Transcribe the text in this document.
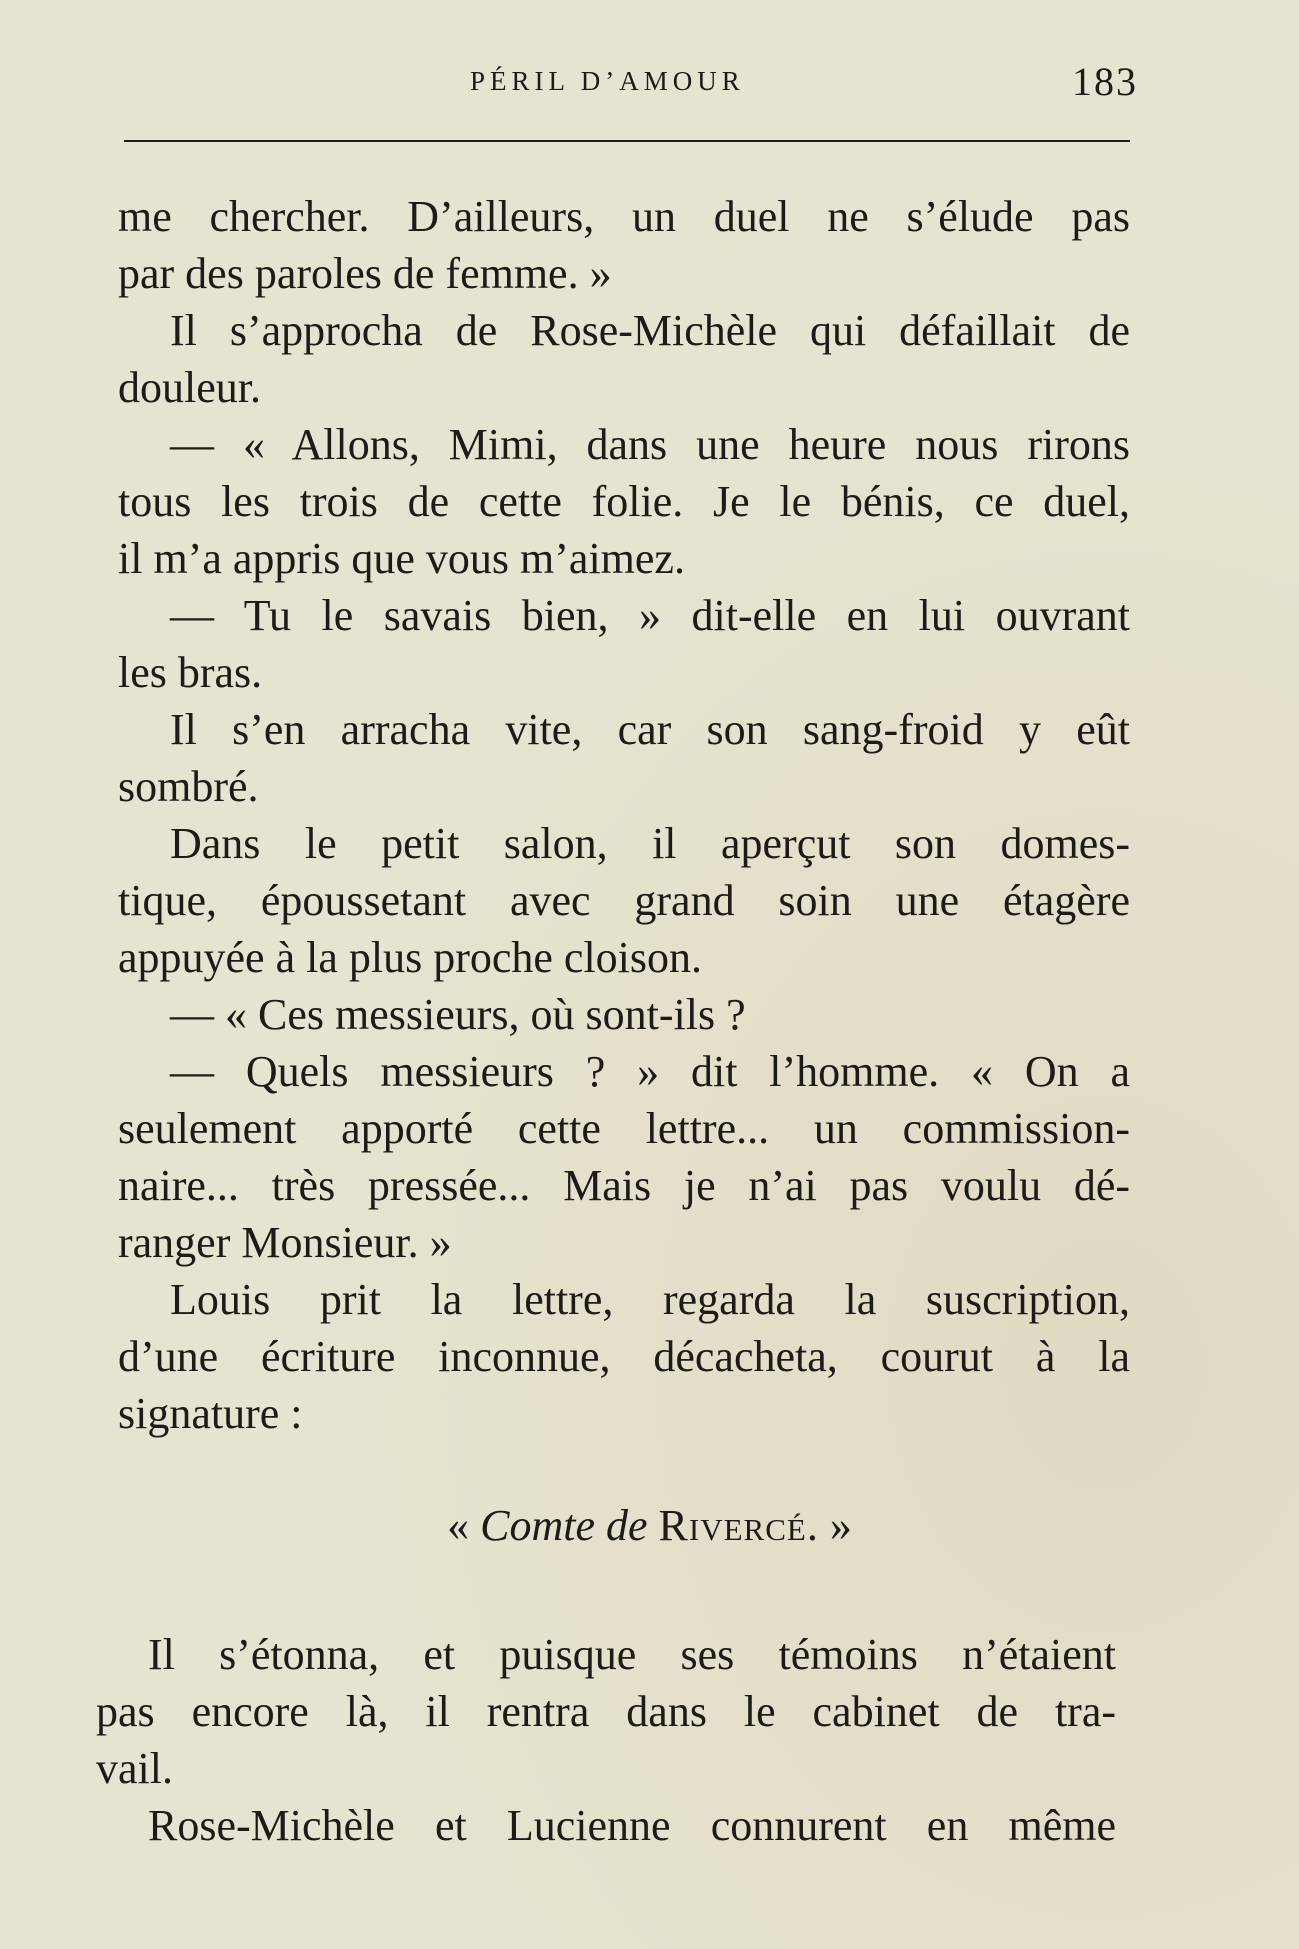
PÉRIL D’AMOUR	183
me chercher. D’ailleurs, un duel ne s’élude pas
par des paroles de femme. »
Il s’approcha de Rose-Michèle qui défaillait de
douleur.
— « Allons, Mimi, dans une heure nous rirons
tous les trois de cette folie. Je le bénis, ce duel,
il m’a appris que vous m’aimez.
— Tu le savais bien, » dit-elle en lui ouvrant
les bras.
Il s’en arracha vite, car son sang-froid y eût
sombré.
Dans le petit salon, il aperçut son domes-
tique, époussetant avec grand soin une étagère
appuyée à la plus proche cloison.
— « Ces messieurs, où sont-ils ?
— Quels messieurs ? » dit l’homme. « On a
seulement apporté cette lettre... un commission-
naire... très pressée... Mais je n’ai pas voulu dé-
ranger Monsieur. »
Louis prit la lettre, regarda la suscription,
d’une écriture inconnue, décacheta, courut à la
signature :
« Comte de Rivercé. »
Il s’étonna, et puisque ses témoins n’étaient
pas encore là, il rentra dans le cabinet de tra-
vail.
Rose-Michèle et Lucienne connurent en même
